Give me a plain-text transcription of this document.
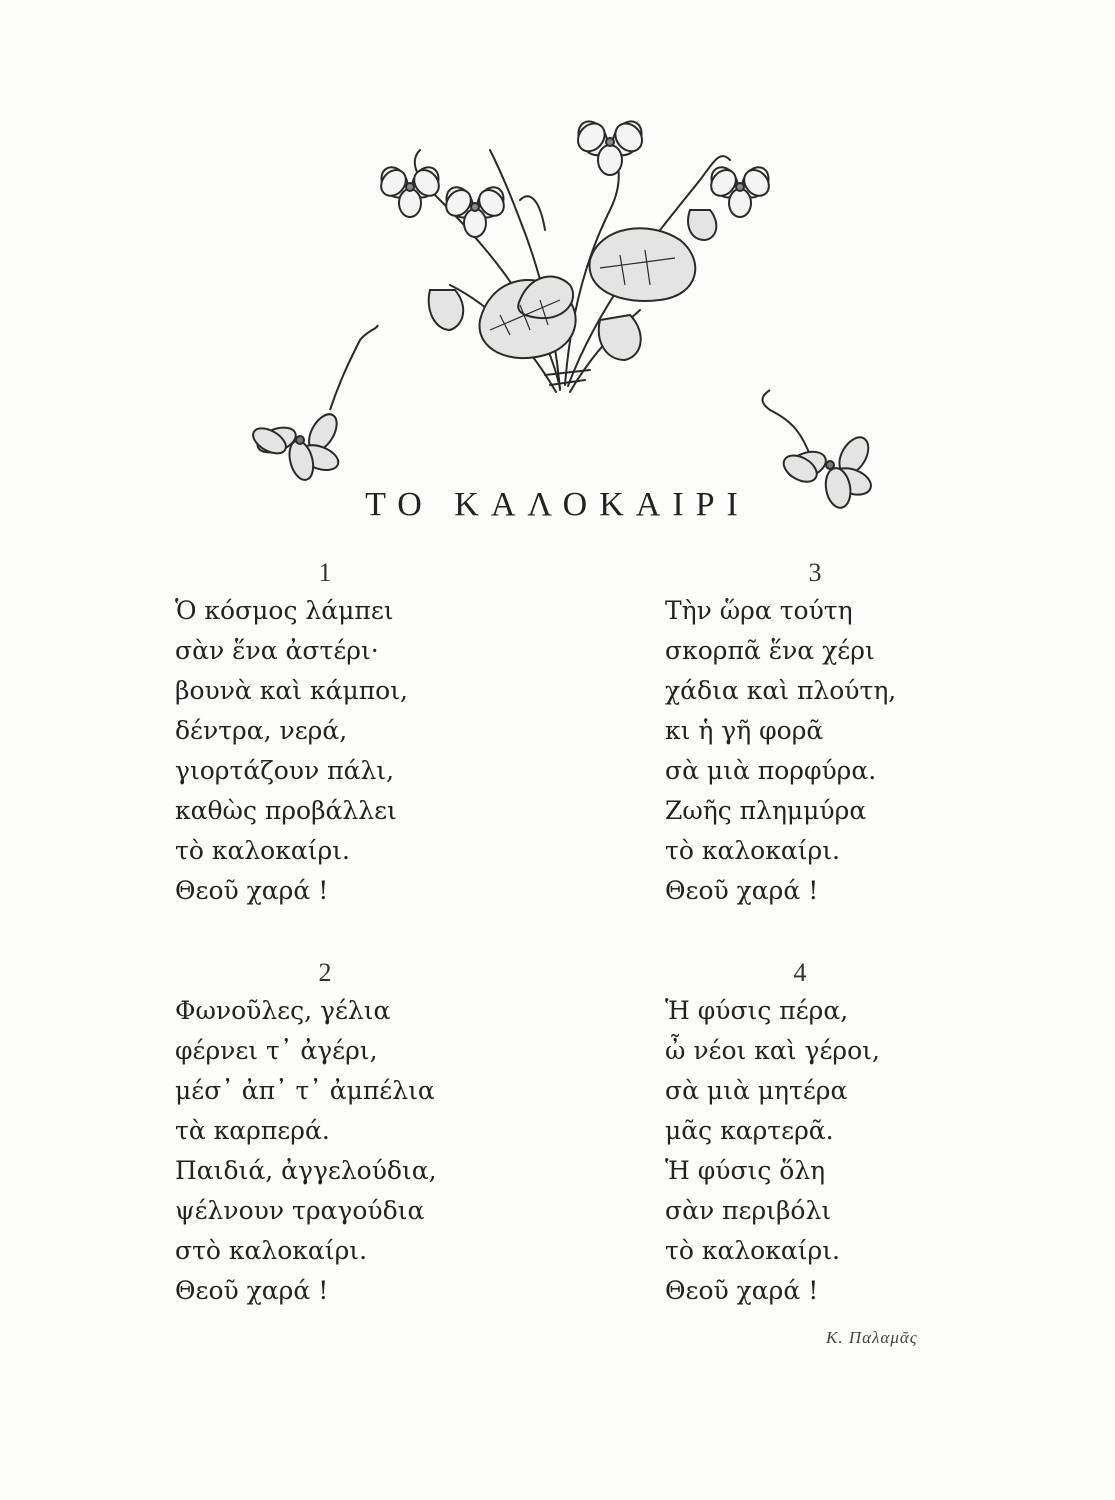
ΤΟ ΚΑΛΟΚΑΙΡΙ
1
Ὁ κόσμος λάμπει
σὰν ἕνα ἀστέρι·
βουνὰ καὶ κάμποι,
δέντρα, νερά,
γιορτάζουν πάλι,
καθὼς προβάλλει
τὸ καλοκαίρι.
Θεοῦ χαρά !
3
Τὴν ὥρα τούτη
σκορπᾶ ἕνα χέρι
χάδια καὶ πλούτη,
κι ἡ γῆ φορᾶ
σὰ μιὰ πορφύρα.
Ζωῆς πλημμύρα
τὸ καλοκαίρι.
Θεοῦ χαρά !
2
Φωνοῦλες, γέλια
φέρνει τ᾽ ἀγέρι,
μέσ᾽ ἀπ᾽ τ᾽ ἀμπέλια
τὰ καρπερά.
Παιδιά, ἀγγελούδια,
ψέλνουν τραγούδια
στὸ καλοκαίρι.
Θεοῦ χαρά !
4
Ἡ φύσις πέρα,
ὦ νέοι καὶ γέροι,
σὰ μιὰ μητέρα
μᾶς καρτερᾶ.
Ἡ φύσις ὅλη
σὰν περιβόλι
τὸ καλοκαίρι.
Θεοῦ χαρά !
Κ. Παλαμᾶς
